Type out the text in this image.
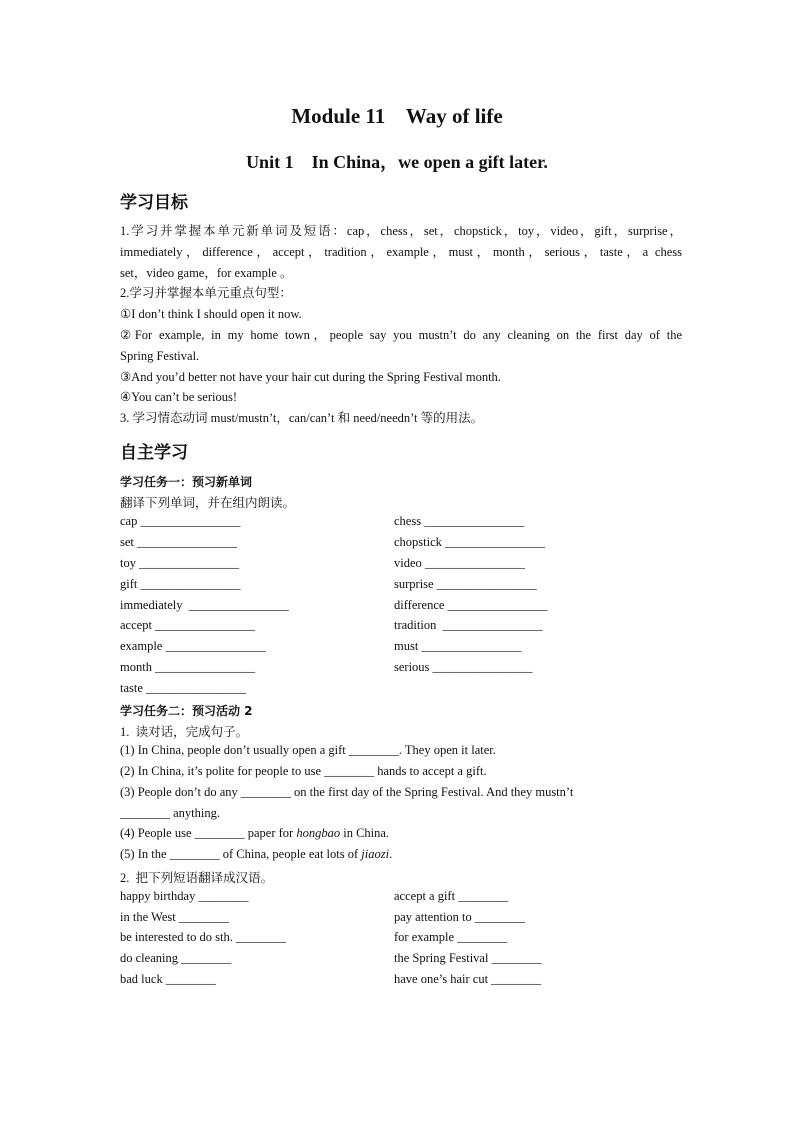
Module 11    Way of life
Unit 1    In China，we open a gift later.
学习目标

1.学习并掌握本单元新单词及短语：cap，chess，set，chopstick，toy，video，gift，surprise，

immediately，difference，accept，tradition，example，must，month，serious，taste，a chess

set，video game，for example 。

2.学习并掌握本单元重点句型：

①I don’t think I should open it now.

②For example, in my home town，people say you mustn’t do any cleaning on the first day of the

Spring Festival.

③And you’d better not have your hair cut during the Spring Festival month.

④You can’t be serious!

3. 学习情态动词 must/mustn’t，can/can’t 和 need/needn’t 等的用法。

自主学习
学习任务一：预习新单词
翻译下列单词，并在组内朗读。
cap ________________	chess ________________
set ________________	chopstick ________________
toy ________________	video ________________
gift ________________	surprise ________________
immediately  ________________	difference ________________
accept ________________	tradition  ________________
example ________________	must ________________
month ________________	serious ________________
taste ________________
学习任务二：预习活动 2
1.  读对话，完成句子。
(1) In China, people don’t usually open a gift ________. They open it later.
(2) In China, it’s polite for people to use ________ hands to accept a gift.
(3) People don’t do any ________ on the first day of the Spring Festival. And they mustn’t
________ anything.
(4) People use ________ paper for hongbao in China.
(5) In the ________ of China, people eat lots of jiaozi.
2.  把下列短语翻译成汉语。
happy birthday ________	accept a gift ________
in the West ________	pay attention to ________
be interested to do sth. ________	for example ________
do cleaning ________	the Spring Festival ________
bad luck ________	have one’s hair cut ________
